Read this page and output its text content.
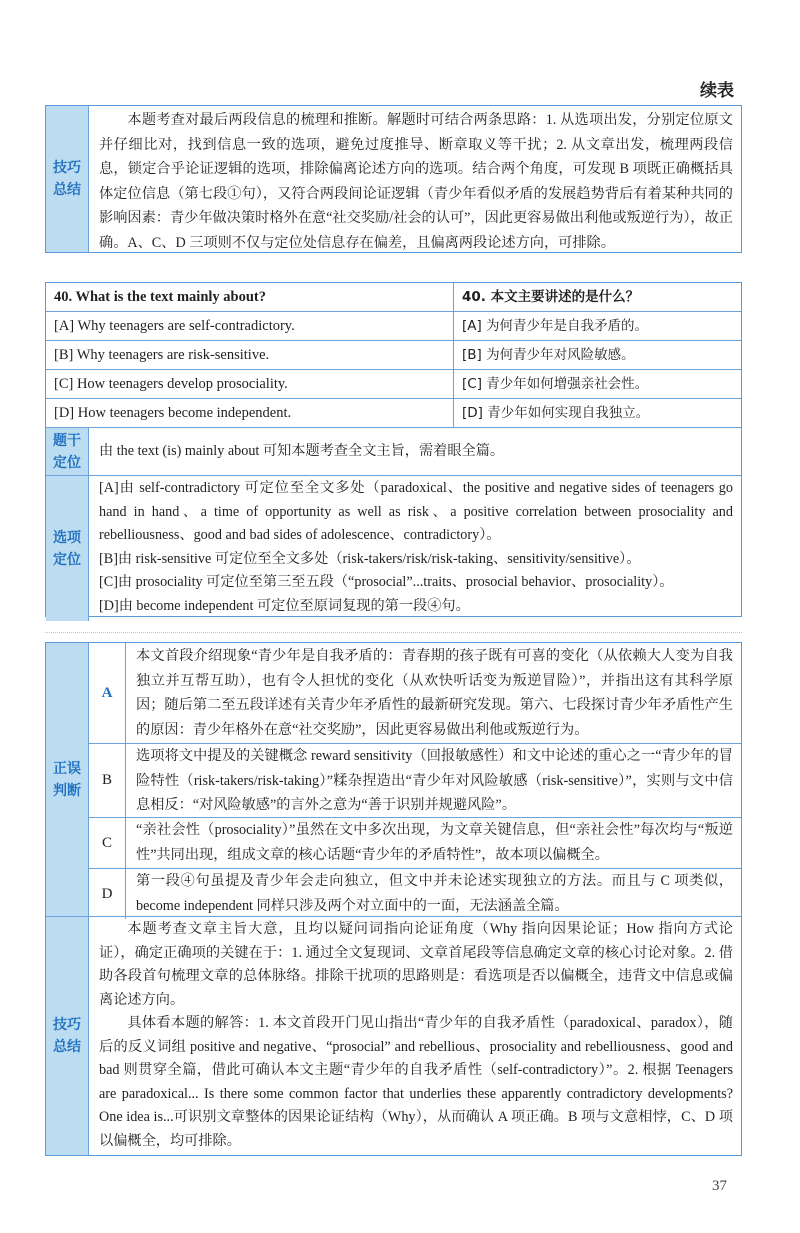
续表
技巧
总结

本题考查对最后两段信息的梳理和推断。解题时可结合两条思路：1. 从选项出发，分别定位原文并仔细比对，找到信息一致的选项，避免过度推导、断章取义等干扰；2. 从文章出发，梳理两段信息，锁定合乎论证逻辑的选项，排除偏离论述方向的选项。结合两个角度，可发现 B 项既正确概括具体定位信息（第七段①句），又符合两段间论证逻辑（青少年看似矛盾的发展趋势背后有着某种共同的影响因素：青少年做决策时格外在意“社交奖励/社会的认可”，因此更容易做出利他或叛逆行为），故正确。A、C、D 三项则不仅与定位处信息存在偏差，且偏离两段论述方向，可排除。

40. What is the text mainly about?	40. 本文主要讲述的是什么？
[A] Why teenagers are self-contradictory.	[A] 为何青少年是自我矛盾的。
[B] Why teenagers are risk-sensitive.	[B] 为何青少年对风险敏感。
[C] How teenagers develop prosociality.	[C] 青少年如何增强亲社会性。
[D] How teenagers become independent.	[D] 青少年如何实现自我独立。
题干
定位

由 the text (is) mainly about 可知本题考查全文主旨，需着眼全篇。

选项
定位

[A]由 self-contradictory 可定位至全文多处（paradoxical、the positive and negative sides of teenagers go hand in hand、a time of opportunity as well as risk、a positive correlation between prosociality and rebelliousness、good and bad sides of adolescence、contradictory）。

[B]由 risk-sensitive 可定位至全文多处（risk-takers/risk/risk-taking、sensitivity/sensitive）。

[C]由 prosociality 可定位至第三至五段（“prosocial”...traits、prosocial behavior、prosociality）。

[D]由 become independent 可定位至原词复现的第一段④句。

正误
判断
A

本文首段介绍现象“青少年是自我矛盾的：青春期的孩子既有可喜的变化（从依赖大人变为自我独立并互帮互助），也有令人担忧的变化（从欢快听话变为叛逆冒险）”，并指出这有其科学原因；随后第二至五段详述有关青少年矛盾性的最新研究发现。第六、七段探讨青少年矛盾性产生的原因：青少年格外在意“社交奖励”，因此更容易做出利他或叛逆行为。

B

选项将文中提及的关键概念 reward sensitivity（回报敏感性）和文中论述的重心之一“青少年的冒险特性（risk-takers/risk-taking）”糅杂捏造出“青少年对风险敏感（risk-sensitive）”，实则与文中信息相反：“对风险敏感”的言外之意为“善于识别并规避风险”。

C

“亲社会性（prosociality）”虽然在文中多次出现，为文章关键信息，但“亲社会性”每次均与“叛逆性”共同出现，组成文章的核心话题“青少年的矛盾特性”，故本项以偏概全。

D

第一段④句虽提及青少年会走向独立，但文中并未论述实现独立的方法。而且与 C 项类似，become independent 同样只涉及两个对立面中的一面，无法涵盖全篇。

技巧
总结

本题考查文章主旨大意，且均以疑问词指向论证角度（Why 指向因果论证；How 指向方式论证），确定正确项的关键在于：1. 通过全文复现词、文章首尾段等信息确定文章的核心讨论对象。2. 借助各段首句梳理文章的总体脉络。排除干扰项的思路则是：看选项是否以偏概全，违背文中信息或偏离论述方向。

具体看本题的解答：1. 本文首段开门见山指出“青少年的自我矛盾性（paradoxical、paradox），随后的反义词组 positive and negative、“prosocial” and rebellious、prosociality and rebelliousness、good and bad 则贯穿全篇，借此可确认本文主题“青少年的自我矛盾性（self-contradictory）”。2. 根据 Teenagers are paradoxical... Is there some common factor that underlies these apparently contradictory developments? One idea is...可识别文章整体的因果论证结构（Why），从而确认 A 项正确。B 项与文意相悖，C、D 项以偏概全，均可排除。

37
